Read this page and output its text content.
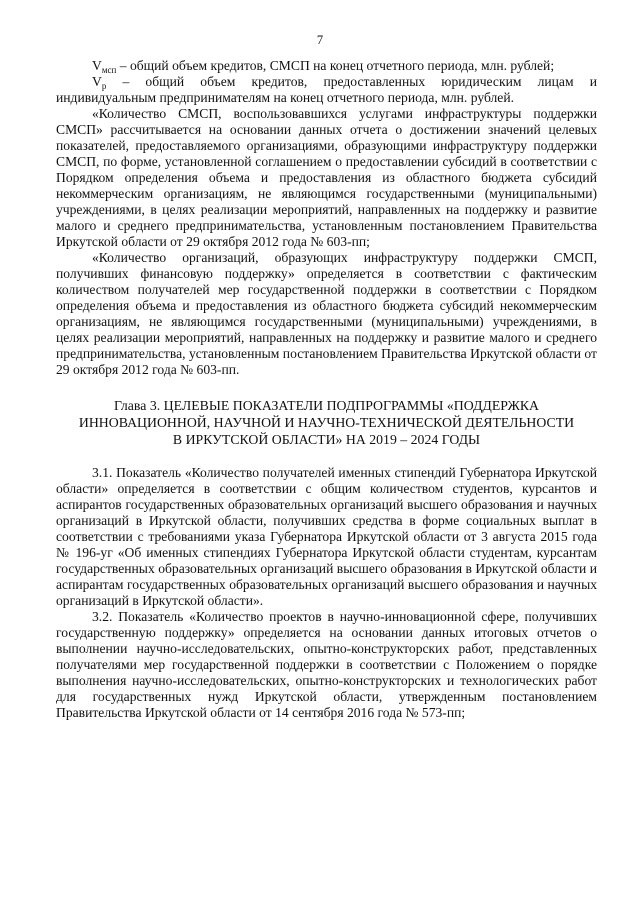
7

$V_{мсп}$ – общий объем кредитов, СМСП на конец отчетного периода, млн. рублей;

$V_р$ – общий объем кредитов, предоставленных юридическим лицам и индивидуальным предпринимателям на конец отчетного периода, млн. рублей.

«Количество СМСП, воспользовавшихся услугами инфраструктуры поддержки СМСП» рассчитывается на основании данных отчета о достижении значений целевых показателей, предоставляемого организациями, образующими инфраструктуру поддержки СМСП, по форме, установленной соглашением о предоставлении субсидий в соответствии с Порядком определения объема и предоставления из областного бюджета субсидий некоммерческим организациям, не являющимся государственными (муниципальными) учреждениями, в целях реализации мероприятий, направленных на поддержку и развитие малого и среднего предпринимательства, установленным постановлением Правительства Иркутской области от 29 октября 2012 года № 603-пп;

«Количество организаций, образующих инфраструктуру поддержки СМСП, получивших финансовую поддержку» определяется в соответствии с фактическим количеством получателей мер государственной поддержки в соответствии с Порядком определения объема и предоставления из областного бюджета субсидий некоммерческим организациям, не являющимся государственными (муниципальными) учреждениями, в целях реализации мероприятий, направленных на поддержку и развитие малого и среднего предпринимательства, установленным постановлением Правительства Иркутской области от 29 октября 2012 года № 603-пп.

Глава 3. ЦЕЛЕВЫЕ ПОКАЗАТЕЛИ ПОДПРОГРАММЫ «ПОДДЕРЖКА
ИННОВАЦИОННОЙ, НАУЧНОЙ И НАУЧНО-ТЕХНИЧЕСКОЙ ДЕЯТЕЛЬНОСТИ
В ИРКУТСКОЙ ОБЛАСТИ» НА 2019 – 2024 ГОДЫ

3.1. Показатель «Количество получателей именных стипендий Губернатора Иркутской области» определяется в соответствии с общим количеством студентов, курсантов и аспирантов государственных образовательных организаций высшего образования и научных организаций в Иркутской области, получивших средства в форме социальных выплат в соответствии с требованиями указа Губернатора Иркутской области от 3 августа 2015 года № 196-уг «Об именных стипендиях Губернатора Иркутской области студентам, курсантам государственных образовательных организаций высшего образования в Иркутской области и аспирантам государственных образовательных организаций высшего образования и научных организаций в Иркутской области».

3.2. Показатель «Количество проектов в научно-инновационной сфере, получивших государственную поддержку» определяется на основании данных итоговых отчетов о выполнении научно-исследовательских, опытно-конструкторских работ, представленных получателями мер государственной поддержки в соответствии с Положением о порядке выполнения научно-исследовательских, опытно-конструкторских и технологических работ для государственных нужд Иркутской области, утвержденным постановлением Правительства Иркутской области от 14 сентября 2016 года № 573-пп;
